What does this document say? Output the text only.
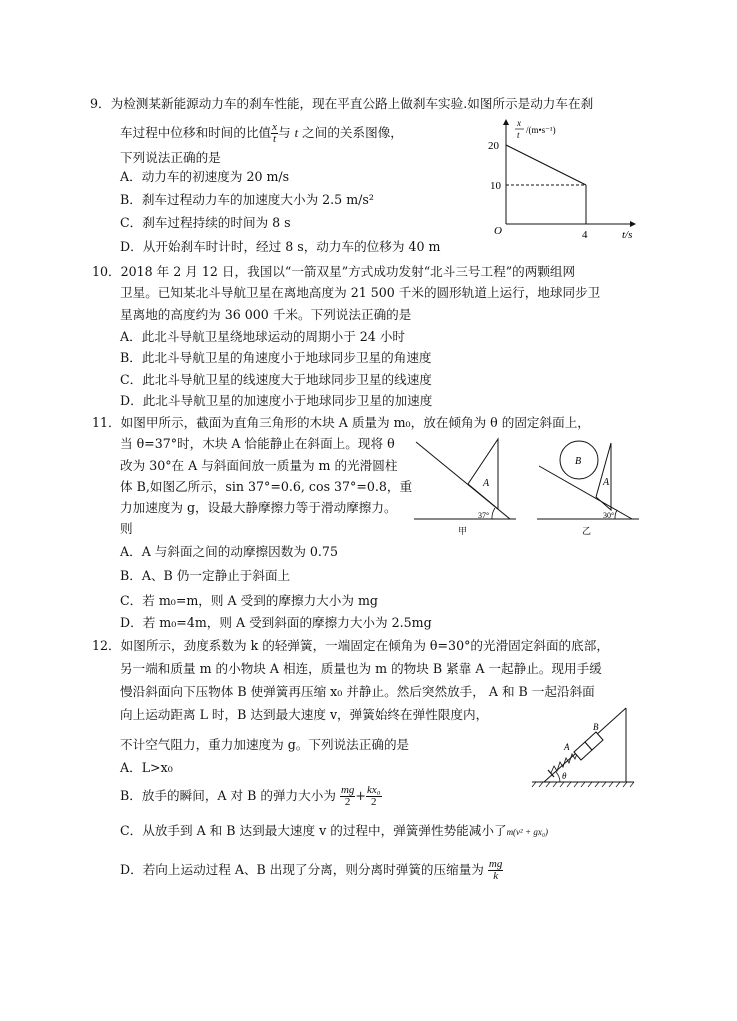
9．为检测某新能源动力车的刹车性能，现在平直公路上做刹车实验.如图所示是动力车在刹
车过程中位移和时间的比值 $\frac{x}{t}$ 与 t 之间的关系图像，
下列说法正确的是
A．动力车的初速度为 20 m/s
B．刹车过程动力车的加速度大小为 2.5 m/s²
C．刹车过程持续的时间为 8 s
D．从开始刹车时计时，经过 8 s，动力车的位移为 40 m
x
t /(m•s⁻¹)
20
10
O	4	t/s
10．2018 年 2 月 12 日，我国以“一箭双星”方式成功发射“北斗三号工程”的两颗组网
卫星。已知某北斗导航卫星在离地高度为 21 500 千米的圆形轨道上运行，地球同步卫
星离地的高度约为 36 000 千米。下列说法正确的是
A．此北斗导航卫星绕地球运动的周期小于 24 小时
B．此北斗导航卫星的角速度小于地球同步卫星的角速度
C．此北斗导航卫星的线速度大于地球同步卫星的线速度
D．此北斗导航卫星的加速度小于地球同步卫星的加速度
11．如图甲所示，截面为直角三角形的木块 A 质量为 m₀，放在倾角为 θ 的固定斜面上，
当 θ=37°时，木块 A 恰能静止在斜面上。现将 θ
改为 30°在 A 与斜面间放一质量为 m 的光滑圆柱
体 B,如图乙所示，sin 37°=0.6, cos 37°=0.8，重
力加速度为 g，设最大静摩擦力等于滑动摩擦力。
则
A．A 与斜面之间的动摩擦因数为 0.75
B．A、B 仍一定静止于斜面上
C．若 m₀=m，则 A 受到的摩擦力大小为 mg
D．若 m₀=4m，则 A 受到斜面的摩擦力大小为 2.5mg
A
37°
甲
B
A
30°
乙
12．如图所示，劲度系数为 k 的轻弹簧，一端固定在倾角为 θ=30°的光滑固定斜面的底部，
另一端和质量 m 的小物块 A 相连，质量也为 m 的物块 B 紧靠 A 一起静止。现用手缓
慢沿斜面向下压物体 B 使弹簧再压缩 x₀ 并静止。然后突然放手， A 和 B 一起沿斜面
向上运动距离 L 时，B 达到最大速度 v，弹簧始终在弹性限度内，
不计空气阻力，重力加速度为 g。下列说法正确的是
A．L>x₀
B．放手的瞬间，A 对 B 的弹力大小为 $\frac{mg}{2} + \frac{\text{kx₀}}{2}$
C．从放手到 A 和 B 达到最大速度 v 的过程中，弹簧弹性势能减小了m(v² + gx₀)
D．若向上运动过程 A、B 出现了分离，则分离时弹簧的压缩量为 $\frac{mg}{k}$
A
B
θ
